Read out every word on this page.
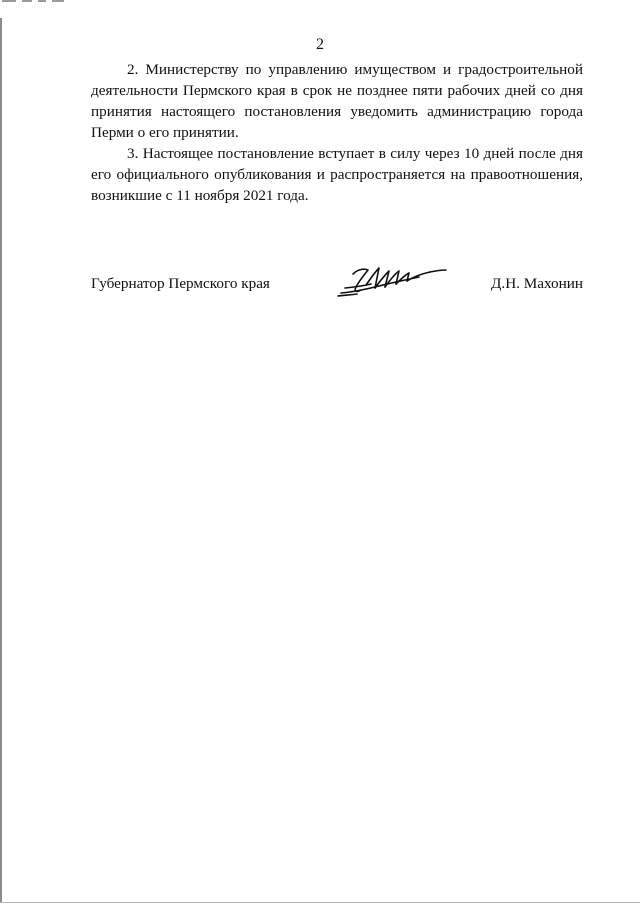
2

2. Министерству по управлению имуществом и градостроительной деятельности Пермского края в срок не позднее пяти рабочих дней со дня принятия настоящего постановления уведомить администрацию города Перми о его принятии.

3. Настоящее постановление вступает в силу через 10 дней после дня его официального опубликования и распространяется на правоотношения, возникшие с 11 ноября 2021 года.

Губернатор Пермского края	Д.Н. Махонин
